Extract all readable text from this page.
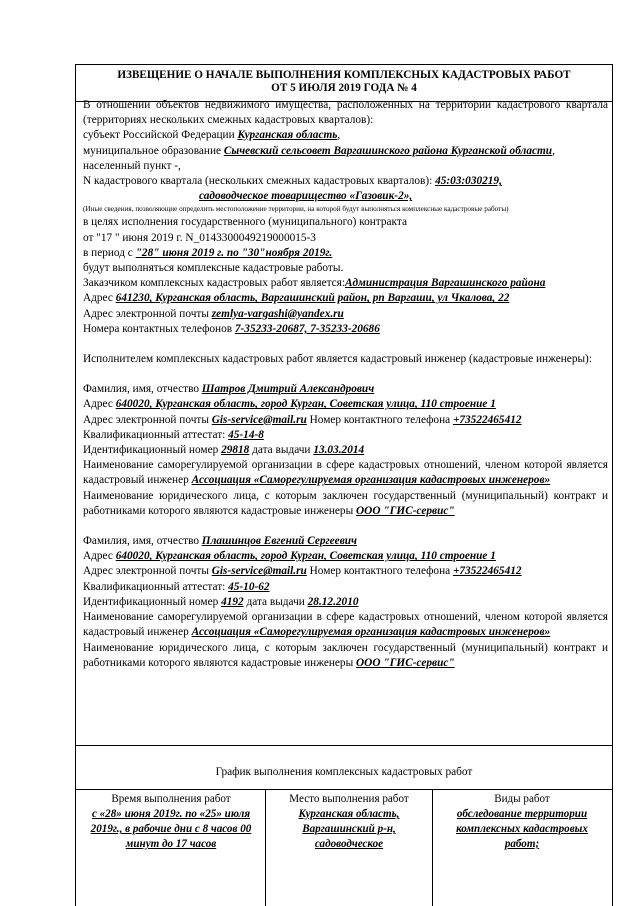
ИЗВЕЩЕНИЕ О НАЧАЛЕ ВЫПОЛНЕНИЯ КОМПЛЕКСНЫХ КАДАСТРОВЫХ РАБОТ
ОТ 5 ИЮЛЯ 2019 ГОДА № 4

В отношении объектов недвижимого имущества, расположенных на территории кадастрового квартала (территориях нескольких смежных кадастровых кварталов):

субъект Российской Федерации Курганская область,

муниципальное образование Сычевский сельсовет Варгашинского района Курганской области,

населенный пункт -,

N кадастрового квартала (нескольких смежных кадастровых кварталов): 45:03:030219,

садоводческое товарищество «Газовик-2»,

(Иные сведения, позволяющие определить местоположение территории, на которой будут выполняться комплексные кадастровые работы)

в целях исполнения государственного (муниципального) контракта

от "17 " июня 2019 г. N_0143300049219000015-3

в период с "28" июня 2019 г. по "30"ноября 2019г.

будут выполняться комплексные кадастровые работы.

Заказчиком комплексных кадастровых работ является:Администрация Варгашинского района

Адрес 641230, Курганская область, Варгашинский район, рп Варгаши, ул Чкалова, 22

Адрес электронной почты zemlya-vargashi@yandex.ru

Номера контактных телефонов 7-35233-20687, 7-35233-20686

Исполнителем комплексных кадастровых работ является кадастровый инженер (кадастровые инженеры):

Фамилия, имя, отчество Шатров Дмитрий Александрович

Адрес 640020, Курганская область, город Курган, Советская улица, 110 строение 1

Адрес электронной почты Gis-service@mail.ru Номер контактного телефона +73522465412

Квалификационный аттестат: 45-14-8

Идентификационный номер 29818 дата выдачи 13.03.2014

Наименование саморегулируемой организации в сфере кадастровых отношений, членом которой является кадастровый инженер Ассоциация «Саморегулируемая организация кадастровых инженеров»

Наименование юридического лица, с которым заключен государственный (муниципальный) контракт и работниками которого являются кадастровые инженеры ООО "ГИС-сервис"

Фамилия, имя, отчество Плашинцов Евгений Сергеевич

Адрес 640020, Курганская область, город Курган, Советская улица, 110 строение 1

Адрес электронной почты Gis-service@mail.ru Номер контактного телефона +73522465412

Квалификационный аттестат: 45-10-62

Идентификационный номер 4192 дата выдачи 28.12.2010

Наименование саморегулируемой организации в сфере кадастровых отношений, членом которой является кадастровый инженер Ассоциация «Саморегулируемая организация кадастровых инженеров»

Наименование юридического лица, с которым заключен государственный (муниципальный) контракт и работниками которого являются кадастровые инженеры ООО "ГИС-сервис"

График выполнения комплексных кадастровых работ
Время выполнения работ
с «28» июня 2019г. по «25» июля 2019г., в рабочие дни с 8 часов 00 минут до 17 часов
Место выполнения работ
Курганская область, Варгашинский р-н, садоводческое
Виды работ
обследование территории комплексных кадастровых работ;
